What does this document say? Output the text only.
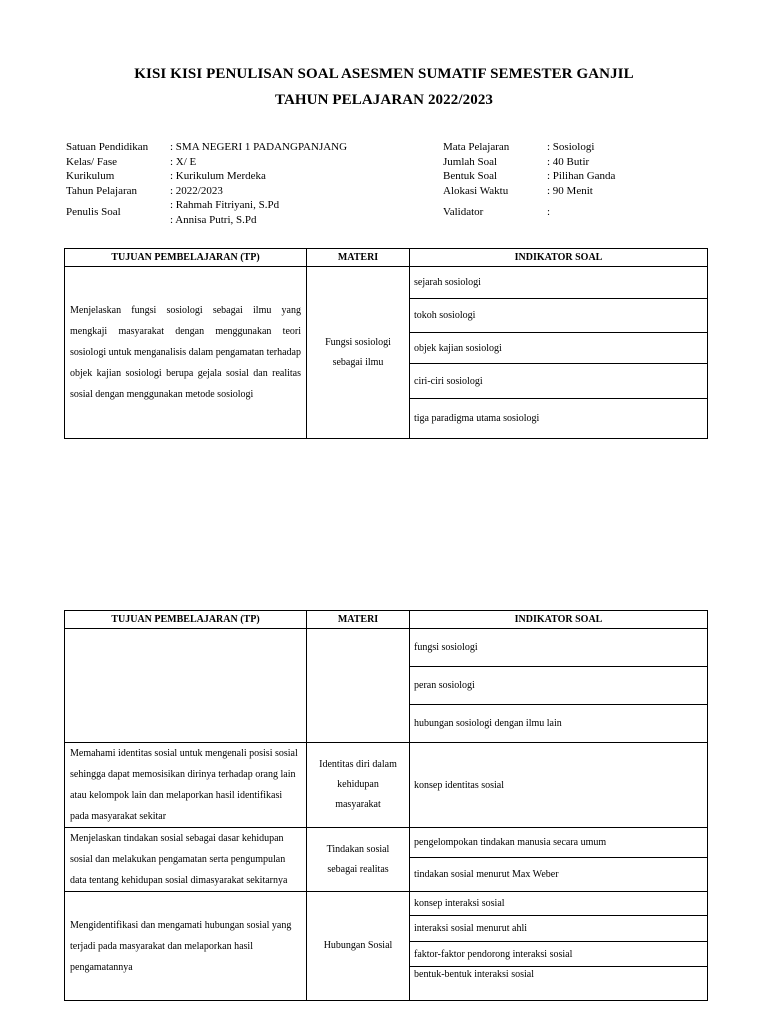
KISI KISI PENULISAN SOAL ASESMEN SUMATIF SEMESTER GANJIL
TAHUN PELAJARAN 2022/2023
Satuan Pendidikan	: SMA NEGERI 1 PADANGPANJANG
Kelas/ Fase	: X/ E
Kurikulum	: Kurikulum Merdeka
Tahun Pelajaran	: 2022/2023
Penulis Soal
: Rahmah Fitriyani, S.Pd
: Annisa Putri, S.Pd
Mata Pelajaran	: Sosiologi
Jumlah Soal	: 40 Butir
Bentuk Soal	: Pilihan Ganda
Alokasi Waktu	: 90 Menit
Validator	:
TUJUAN PEMBELAJARAN (TP)	MATERI	INDIKATOR SOAL
Menjelaskan fungsi sosiologi sebagai ilmu yang mengkaji masyarakat dengan menggunakan teori sosiologi untuk menganalisis dalam pengamatan terhadap objek kajian sosiologi berupa gejala sosial dan realitas sosial dengan menggunakan metode sosiologi	Fungsi sosiologi sebagai ilmu	sejarah sosiologi
		tokoh sosiologi
		objek kajian sosiologi
		ciri-ciri sosiologi
		tiga paradigma utama sosiologi
TUJUAN PEMBELAJARAN (TP)	MATERI	INDIKATOR SOAL
		fungsi sosiologi
		peran sosiologi
		hubungan sosiologi dengan ilmu lain
Memahami identitas sosial untuk mengenali posisi sosial sehingga dapat memosisikan dirinya terhadap orang lain atau kelompok lain dan melaporkan hasil identifikasi pada masyarakat sekitar	Identitas diri dalam kehidupan masyarakat	konsep identitas sosial
Menjelaskan tindakan sosial sebagai dasar kehidupan sosial dan melakukan pengamatan serta pengumpulan data tentang kehidupan sosial dimasyarakat sekitarnya	Tindakan sosial sebagai realitas	pengelompokan tindakan manusia secara umum
		tindakan sosial menurut Max Weber
Mengidentifikasi dan mengamati hubungan sosial yang terjadi pada masyarakat dan melaporkan hasil pengamatannya	Hubungan Sosial	konsep interaksi sosial
		interaksi sosial menurut ahli
		faktor-faktor pendorong interaksi sosial
		bentuk-bentuk interaksi sosial
